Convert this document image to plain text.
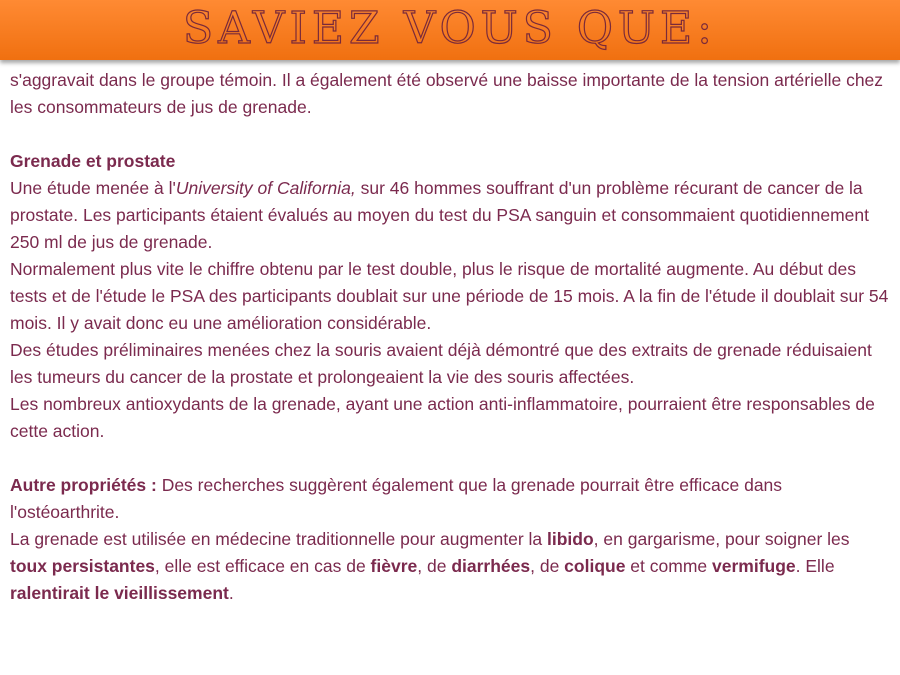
SAVIEZ VOUS QUE:

s'aggravait dans le groupe témoin. Il a également été observé une baisse importante de la tension artérielle chez les consommateurs de jus de grenade.

Grenade et prostate

Une étude menée à l'University of California, sur 46 hommes souffrant d'un problème récurant de cancer de la prostate. Les participants étaient évalués au moyen du test du PSA sanguin et consommaient quotidiennement 250 ml de jus de grenade.

Normalement plus vite le chiffre obtenu par le test double, plus le risque de mortalité augmente. Au début des tests et de l'étude le PSA des participants doublait sur une période de 15 mois. A la fin de l'étude il doublait sur 54 mois. Il y avait donc eu une amélioration considérable.

Des études préliminaires menées chez la souris avaient déjà démontré que des extraits de grenade réduisaient les tumeurs du cancer de la prostate et prolongeaient la vie des souris affectées.

Les nombreux antioxydants de la grenade, ayant une action anti-inflammatoire, pourraient être responsables de cette action.

Autre propriétés : Des recherches suggèrent également que la grenade pourrait être efficace dans l'ostéoarthrite.

La grenade est utilisée en médecine traditionnelle pour augmenter la libido, en gargarisme, pour soigner les toux persistantes, elle est efficace en cas de fièvre, de diarrhées, de colique et comme vermifuge. Elle ralentirait le vieillissement.
